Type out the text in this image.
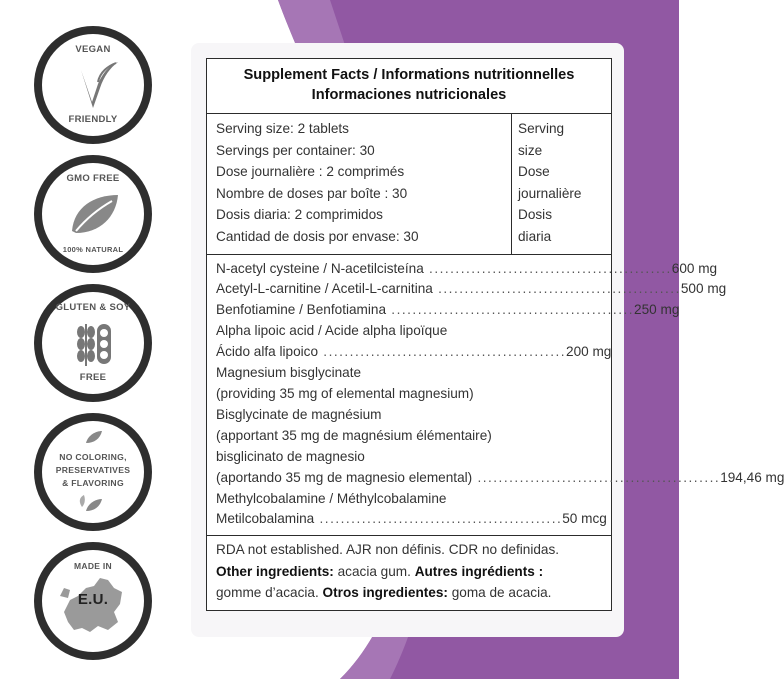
VEGAN
FRIENDLY
GMO FREE
100% NATURAL
GLUTEN & SOY
FREE
NO COLORING,
PRESERVATIVES
& FLAVORING
MADE IN
E.U.
Supplement Facts / Informations nutritionnelles
Informaciones nutricionales
Serving size: 2 tablets
Servings per container: 30
Dose journalière : 2 comprimés
Nombre de doses par boîte : 30
Dosis diaria: 2 comprimidos
Cantidad de dosis por envase: 30
Serving
size
Dose
journalière
Dosis
diaria
N-acetyl cysteine / N-acetilcisteína .............................................. 600 mg
Acetyl-L-carnitine / Acetil-L-carnitina .............................................. 500 mg
Benfotiamine / Benfotiamina .............................................. 250 mg
Alpha lipoic acid / Acide alpha lipoïque
Ácido alfa lipoico .............................................. 200 mg
Magnesium bisglycinate
(providing 35 mg of elemental magnesium)
Bisglycinate de magnésium
(apportant 35 mg de magnésium élémentaire)
bisglicinato de magnesio
(aportando 35 mg de magnesio elemental) .............................................. 194,46 mg
Methylcobalamine / Méthylcobalamine
Metilcobalamina .............................................. 50 mcg
RDA not established. AJR non définis. CDR no definidas.
Other ingredients: acacia gum. Autres ingrédients :
gomme d’acacia. Otros ingredientes: goma de acacia.
